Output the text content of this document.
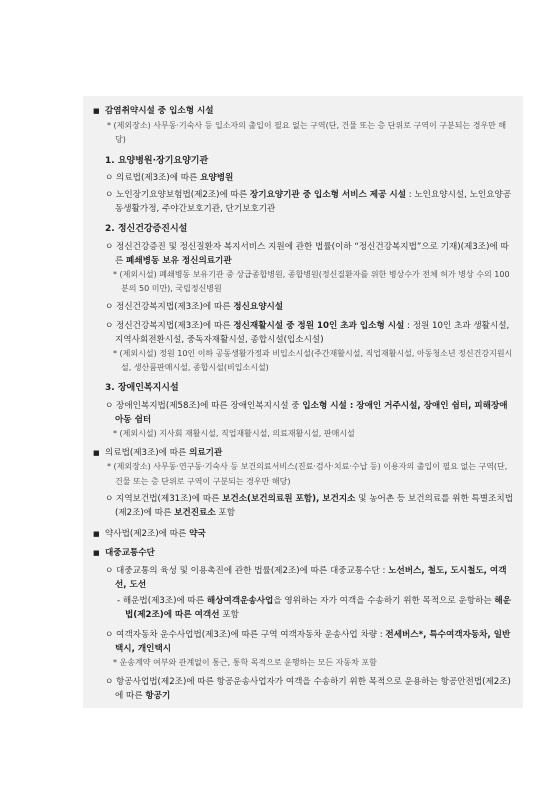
■ 감염취약시설 중 입소형 시설
* (제외장소) 사무동·기숙사 등 입소자의 출입이 필요 없는 구역(단, 건물 또는 층 단위로 구역이 구분되는 경우만 해당)
1. 요양병원·장기요양기관
ㅇ 의료법(제3조)에 따른 요양병원
ㅇ 노인장기요양보험법(제2조)에 따른 장기요양기관 중 입소형 서비스 제공 시설 : 노인요양시설, 노인요양공동생활가정, 주야간보호기관, 단기보호기관
2. 정신건강증진시설
ㅇ 정신건강증진 및 정신질환자 복지서비스 지원에 관한 법률(이하 “정신건강복지법”으로 기재)(제3조)에 따른 폐쇄병동 보유 정신의료기관
* (제외시설) 폐쇄병동 보유기관 중 상급종합병원, 종합병원(정신질환자를 위한 병상수가 전체 허가 병상 수의 100분의 50 미만), 국립정신병원
ㅇ 정신건강복지법(제3조)에 따른 정신요양시설
ㅇ 정신건강복지법(제3조)에 따른 정신재활시설 중 정원 10인 초과 입소형 시설 : 정원 10인 초과 생활시설, 지역사회전환시설, 중독자재활시설, 종합시설(입소시설)
* (제외시설) 정원 10인 이하 공동생활가정과 비입소시설(주간재활시설, 직업재활시설, 아동청소년 정신건강지원시설, 생산품판매시설, 종합시설(비입소시설)
3. 장애인복지시설
ㅇ 장애인복지법(제58조)에 따른 장애인복지시설 중 입소형 시설 : 장애인 거주시설, 장애인 쉼터, 피해장애아동 쉼터
* (제외시설) 지사회 재활시설, 직업재활시설, 의료재활시설, 판매시설
■ 의료법(제3조)에 따른 의료기관
* (제외장소) 사무동·연구동·기숙사 등 보건의료서비스(진료·검사·치료·수납 등) 이용자의 출입이 필요 없는 구역(단, 건물 또는 층 단위로 구역이 구분되는 경우만 해당)
ㅇ 지역보건법(제31조)에 따른 보건소(보건의료원 포함), 보건지소 및 농어촌 등 보건의료를 위한 특별조치법(제2조)에 따른 보건진료소 포함
■ 약사법(제2조)에 따른 약국
■ 대중교통수단
ㅇ 대중교통의 육성 및 이용촉진에 관한 법률(제2조)에 따른 대중교통수단 : 노선버스, 철도, 도시철도, 여객선, 도선
- 해운법(제3조)에 따른 해상여객운송사업을 영위하는 자가 여객을 수송하기 위한 목적으로 운항하는 해운법(제2조)에 따른 여객선 포함
ㅇ 여객자동차 운수사업법(제3조)에 따른 구역 여객자동차 운송사업 차량 : 전세버스*, 특수여객자동차, 일반택시, 개인택시
* 운송계약 여부와 관계없이 통근, 통학 목적으로 운행하는 모든 자동차 포함
ㅇ 항공사업법(제2조)에 따른 항공운송사업자가 여객을 수송하기 위한 목적으로 운용하는 항공안전법(제2조)에 따른 항공기
